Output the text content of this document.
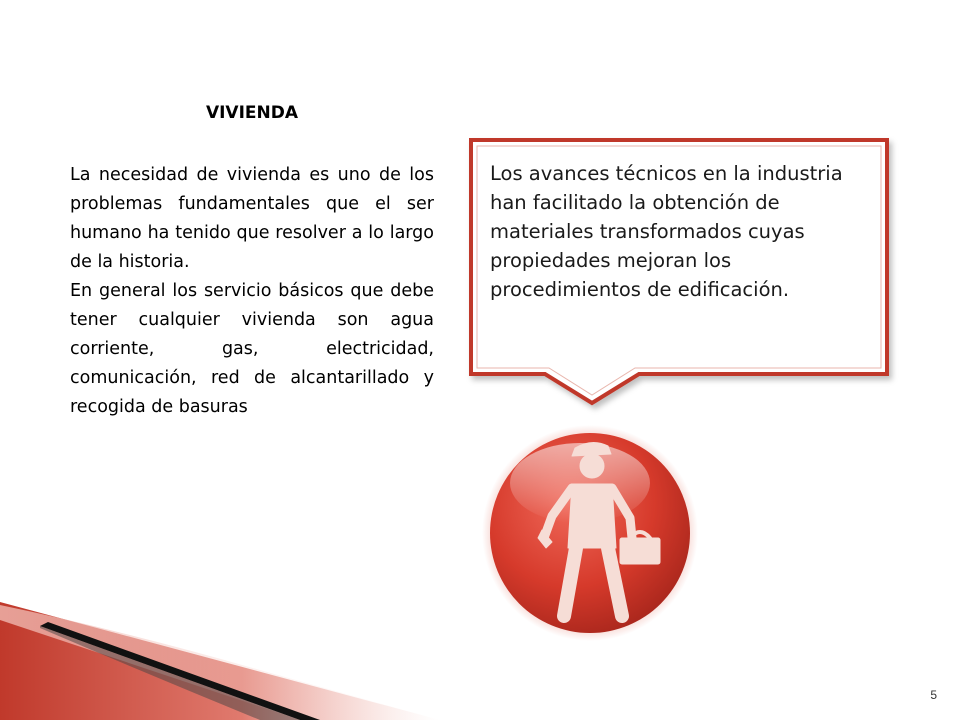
VIVIENDA

La necesidad de vivienda es uno de los problemas fundamentales que el ser humano ha tenido que resolver a lo largo de la historia.

En general los servicio básicos que debe tener cualquier vivienda son agua corriente, gas, electricidad, comunicación, red de alcantarillado y recogida de basuras

Los avances técnicos en la industria han facilitado la obtención de materiales transformados cuyas propiedades mejoran los procedimientos de edificación.

5
